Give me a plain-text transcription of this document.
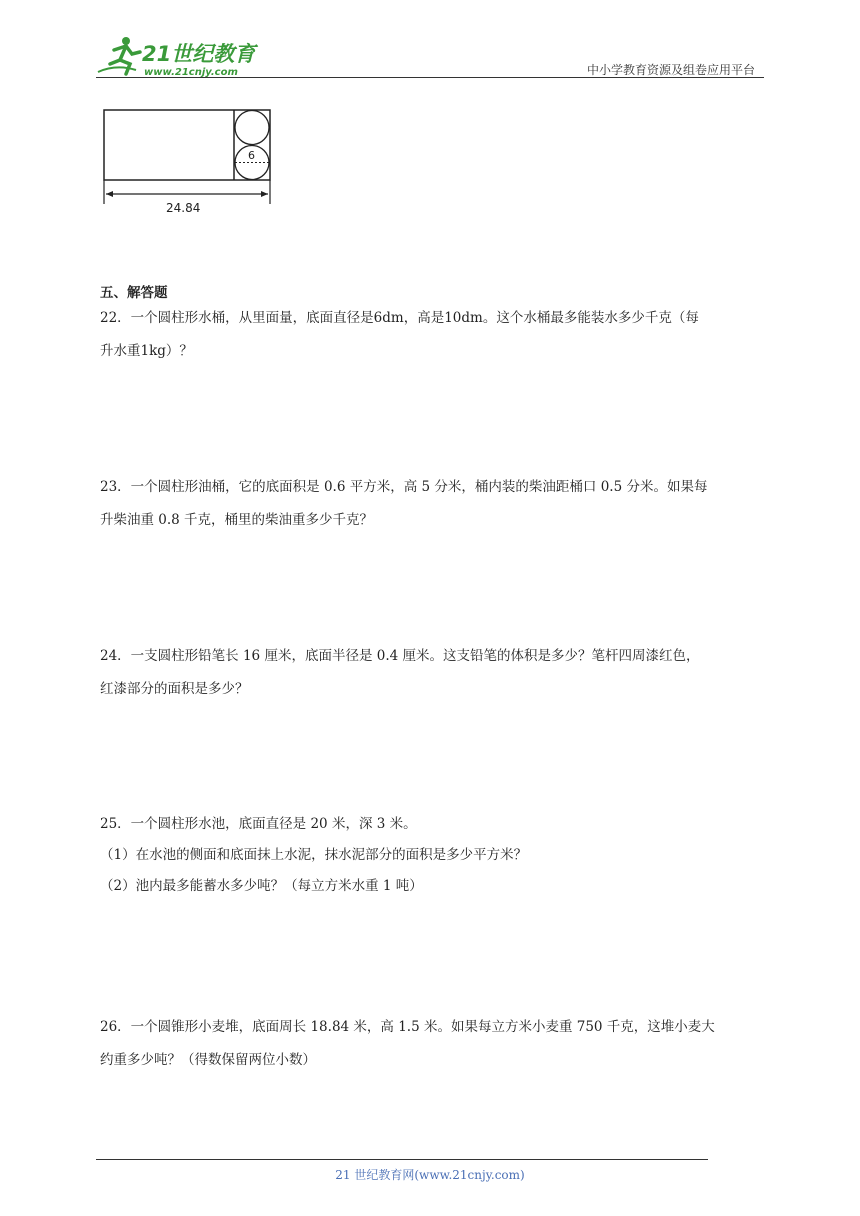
21世纪教育
www.21cnjy.com	中小学教育资源及组卷应用平台
6
24.84
五、解答题

22．一个圆柱形水桶，从里面量，底面直径是6dm，高是10dm。这个水桶最多能装水多少千克（每

升水重1kg）？

23．一个圆柱形油桶，它的底面积是 0.6 平方米，高 5 分米，桶内装的柴油距桶口 0.5 分米。如果每

升柴油重 0.8 千克，桶里的柴油重多少千克？

24．一支圆柱形铅笔长 16 厘米，底面半径是 0.4 厘米。这支铅笔的体积是多少？笔杆四周漆红色，

红漆部分的面积是多少？

25．一个圆柱形水池，底面直径是 20 米，深 3 米。

（1）在水池的侧面和底面抹上水泥，抹水泥部分的面积是多少平方米？

（2）池内最多能蓄水多少吨？（每立方米水重 1 吨）

26．一个圆锥形小麦堆，底面周长 18.84 米，高 1.5 米。如果每立方米小麦重 750 千克，这堆小麦大

约重多少吨？（得数保留两位小数）

21 世纪教育网(www.21cnjy.com)
